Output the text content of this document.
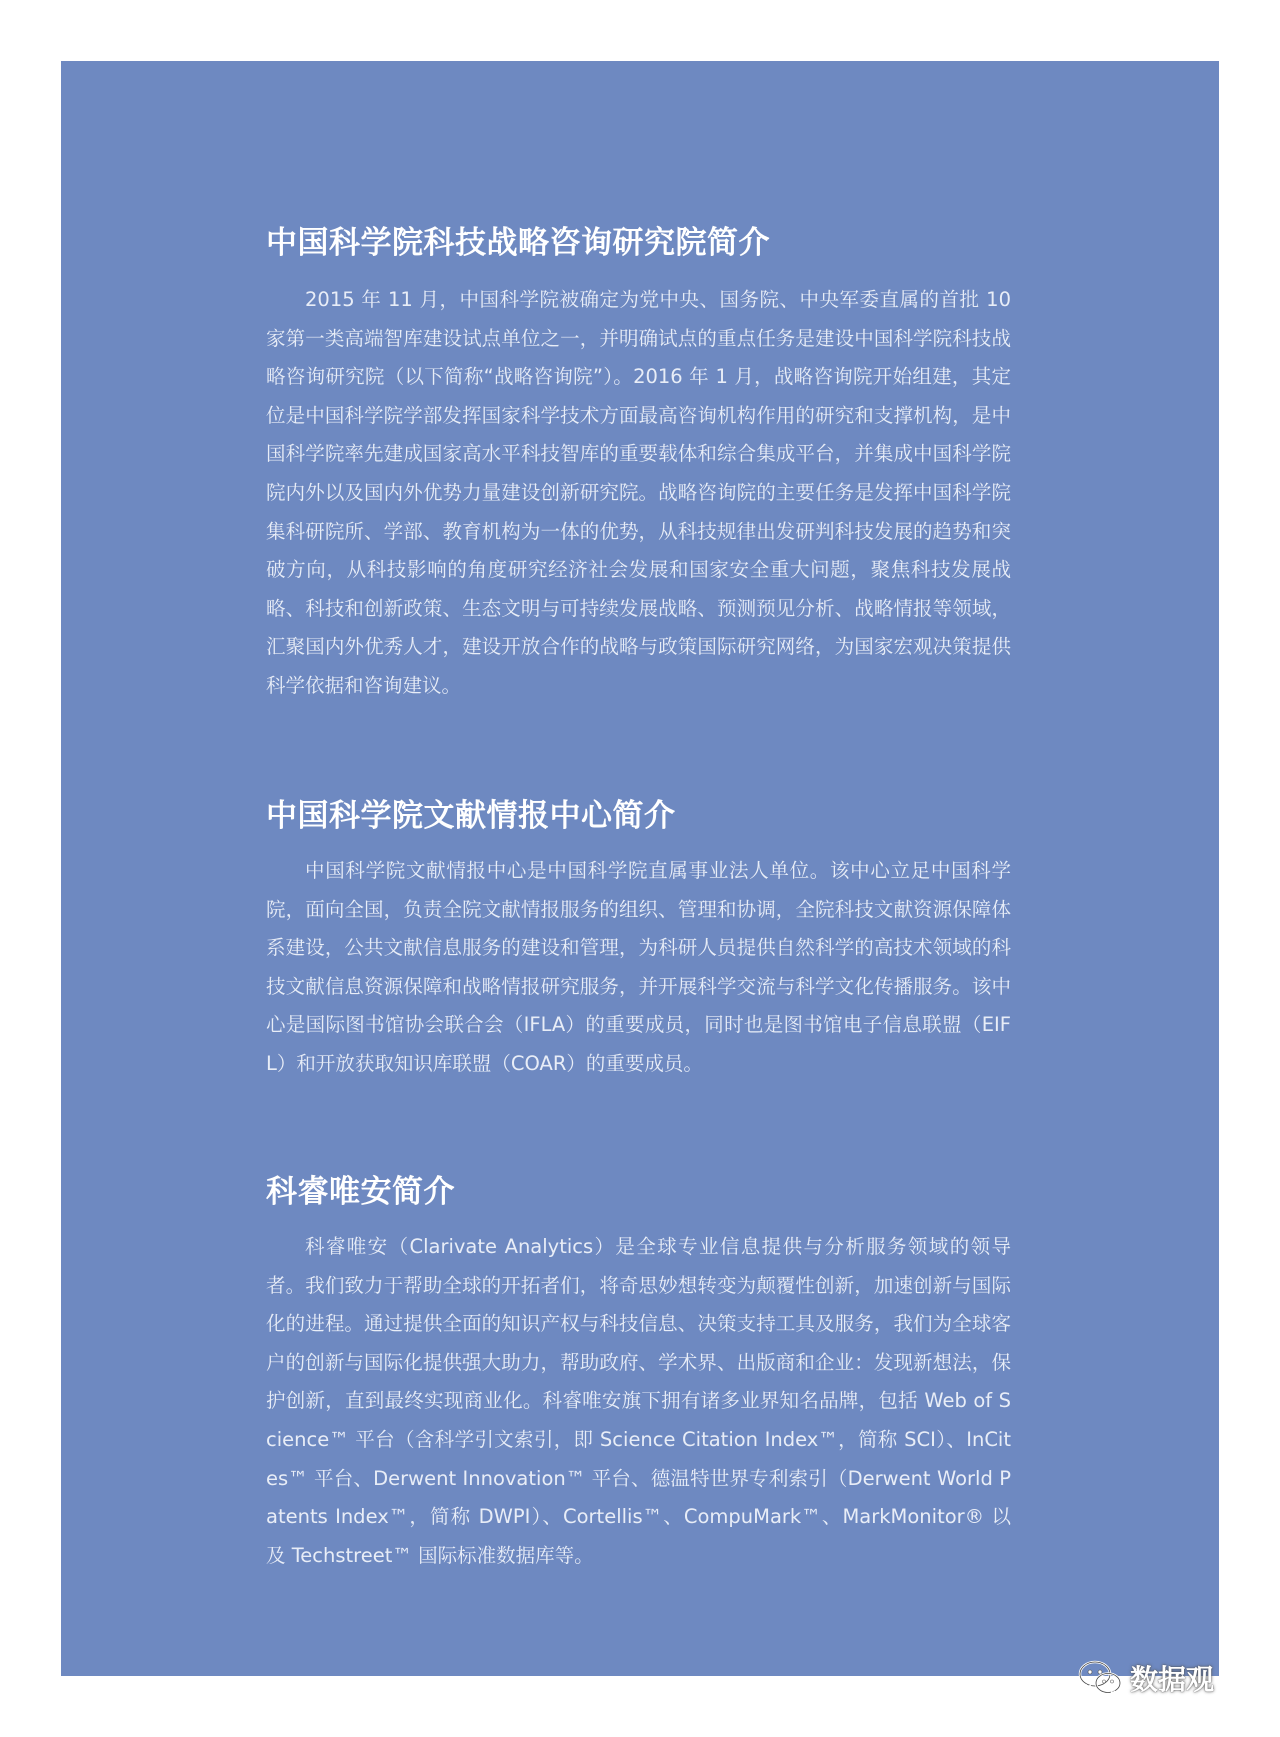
中国科学院科技战略咨询研究院简介

2015 年 11 月，中国科学院被确定为党中央、国务院、中央军委直属的首批 10 家第一类高端智库建设试点单位之一，并明确试点的重点任务是建设中国科学院科技战略咨询研究院（以下简称“战略咨询院”）。2016 年 1 月，战略咨询院开始组建，其定位是中国科学院学部发挥国家科学技术方面最高咨询机构作用的研究和支撑机构，是中国科学院率先建成国家高水平科技智库的重要载体和综合集成平台，并集成中国科学院院内外以及国内外优势力量建设创新研究院。战略咨询院的主要任务是发挥中国科学院集科研院所、学部、教育机构为一体的优势，从科技规律出发研判科技发展的趋势和突破方向，从科技影响的角度研究经济社会发展和国家安全重大问题，聚焦科技发展战略、科技和创新政策、生态文明与可持续发展战略、预测预见分析、战略情报等领域，汇聚国内外优秀人才，建设开放合作的战略与政策国际研究网络，为国家宏观决策提供科学依据和咨询建议。

中国科学院文献情报中心简介

中国科学院文献情报中心是中国科学院直属事业法人单位。该中心立足中国科学院，面向全国，负责全院文献情报服务的组织、管理和协调，全院科技文献资源保障体系建设，公共文献信息服务的建设和管理，为科研人员提供自然科学的高技术领域的科技文献信息资源保障和战略情报研究服务，并开展科学交流与科学文化传播服务。该中心是国际图书馆协会联合会（IFLA）的重要成员，同时也是图书馆电子信息联盟（EIFL）和开放获取知识库联盟（COAR）的重要成员。

科睿唯安简介

科睿唯安（Clarivate Analytics）是全球专业信息提供与分析服务领域的领导者。我们致力于帮助全球的开拓者们，将奇思妙想转变为颠覆性创新，加速创新与国际化的进程。通过提供全面的知识产权与科技信息、决策支持工具及服务，我们为全球客户的创新与国际化提供强大助力，帮助政府、学术界、出版商和企业：发现新想法，保护创新，直到最终实现商业化。科睿唯安旗下拥有诸多业界知名品牌，包括 Web of Science™ 平台（含科学引文索引，即 Science Citation Index™，简称 SCI）、InCites™ 平台、Derwent Innovation™ 平台、德温特世界专利索引（Derwent World Patents Index™，简称 DWPI）、Cortellis™、CompuMark™、MarkMonitor® 以及 Techstreet™ 国际标准数据库等。

数据观
